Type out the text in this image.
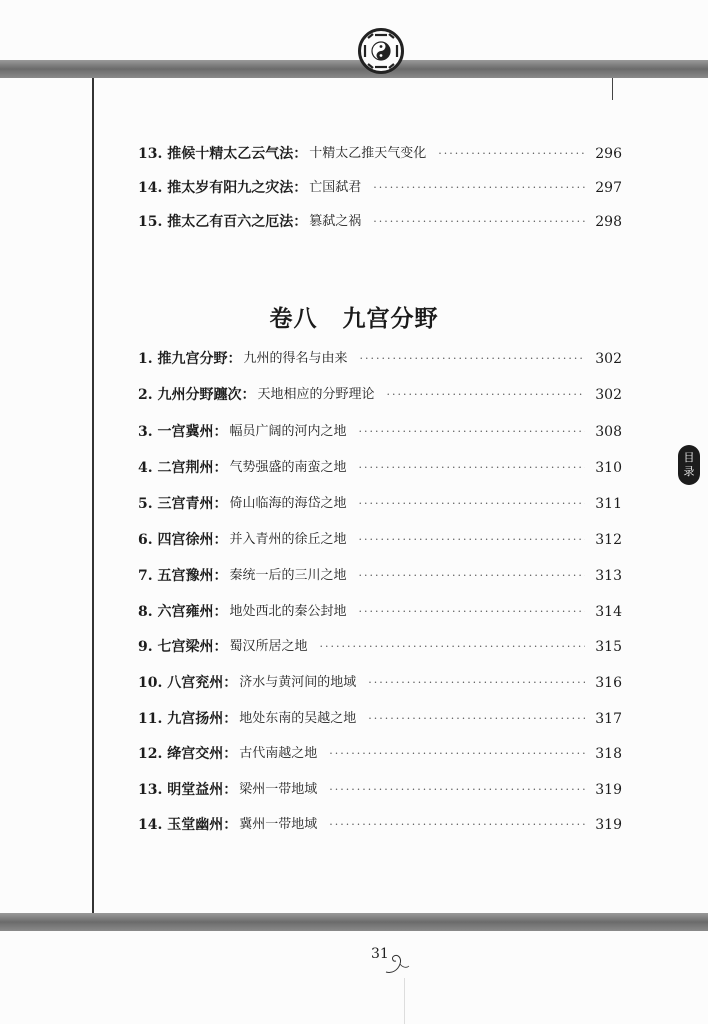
13. 推候十精太乙云气法： 十精太乙推天气变化 ·····	296
14. 推太岁有阳九之灾法： 亡国弑君 ·····	297
15. 推太乙有百六之厄法： 篡弑之祸 ·····	298
卷八 九宫分野
1. 推九宫分野： 九州的得名与由来 ·····	302
2. 九州分野躔次： 天地相应的分野理论 ·····	302
3. 一宫冀州： 幅员广阔的河内之地 ·····	308
4. 二宫荆州： 气势强盛的南蛮之地 ·····	310
5. 三宫青州： 倚山临海的海岱之地 ·····	311
6. 四宫徐州： 并入青州的徐丘之地 ·····	312
7. 五宫豫州： 秦统一后的三川之地 ·····	313
8. 六宫雍州： 地处西北的秦公封地 ·····	314
9. 七宫梁州： 蜀汉所居之地 ·····	315
10. 八宫兖州： 济水与黄河间的地域 ·····	316
11. 九宫扬州： 地处东南的吴越之地 ·····	317
12. 绛宫交州： 古代南越之地 ·····	318
13. 明堂益州： 梁州一带地域 ·····	319
14. 玉堂幽州： 冀州一带地域 ·····	319
目
录
31
